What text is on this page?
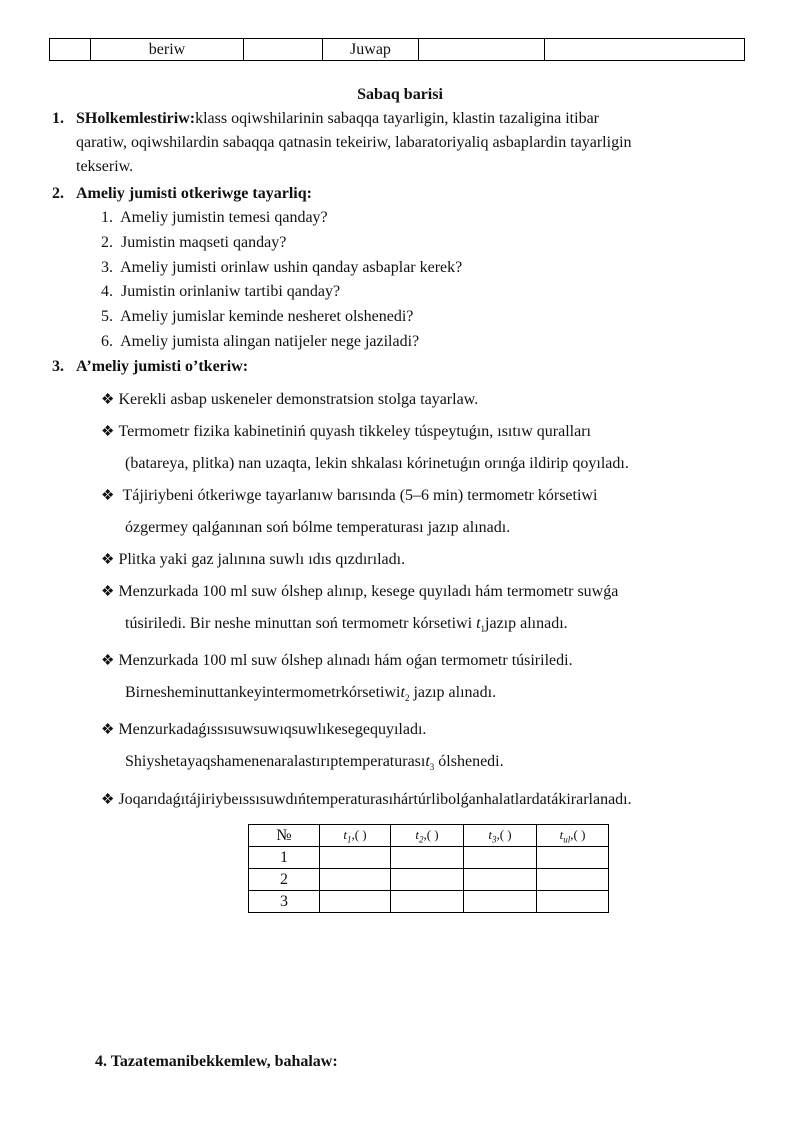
	beriw		Juwap		
Sabaq barisi
1. SHolkemlestiriw:klass oqiwshilarinin sabaqqa tayarligin, klastin tazaligina itibar
qaratiw, oqiwshilardin sabaqqa qatnasin tekeiriw, labaratoriyaliq asbaplardin tayarligin
tekseriw.
2. Ameliy jumisti otkeriwge tayarliq:
1. Ameliy jumistin temesi qanday?
2. Jumistin maqseti qanday?
3. Ameliy jumisti orinlaw ushin qanday asbaplar kerek?
4. Jumistin orinlaniw tartibi qanday?
5. Ameliy jumislar keminde nesheret olshenedi?
6. Ameliy jumista alingan natijeler nege jaziladi?
3. A’meliy jumisti o’tkeriw:
❖ Kerekli asbap uskeneler demonstratsion stolga tayarlaw.
❖ Termometr fizika kabinetiniń quyash tikkeley túspeytuǵın, ısıtıw quralları
(batareya, plitka) nan uzaqta, lekin shkalası kórinetuǵın orınǵa ildirip qoyıladı.
❖ Tájiriybeni ótkeriwge tayarlanıw barısında (5–6 min) termometr kórsetiwi
ózgermey qalǵanınan soń bólme temperaturası jazıp alınadı.
❖ Plitka yaki gaz jalınına suwlı ıdıs qızdırıladı.
❖ Menzurkada 100 ml suw ólshep alınıp, kesege quyıladı hám termometr suwǵa
túsiriledi. Bir neshe minuttan soń termometr kórsetiwi $t_1jazıp$ alınadı.
❖ Menzurkada 100 ml suw ólshep alınadı hám oǵan termometr túsiriledi.
Birnesheminuttankeyintermometrkórsetiwit$_2$ jazıp alınadı.
❖ Menzurkadaǵıssısuwsuwıqsuwlıkesegequyıladı.
Shiyshetayaqshamenenaralastırıptemperaturasıt$_3$ ólshenedi.
❖ Joqarıdaǵıtájiriybeıssısuwdıńtemperaturasıhártúrlibolǵanhalatlardatákirarlanadı.
№	$t_1$,( )	$t_2$,( )	$t_3$,( )	$t_{ul}$,( )
1				
2				
3				
4. Tazatemanibekkemlew, bahalaw:
